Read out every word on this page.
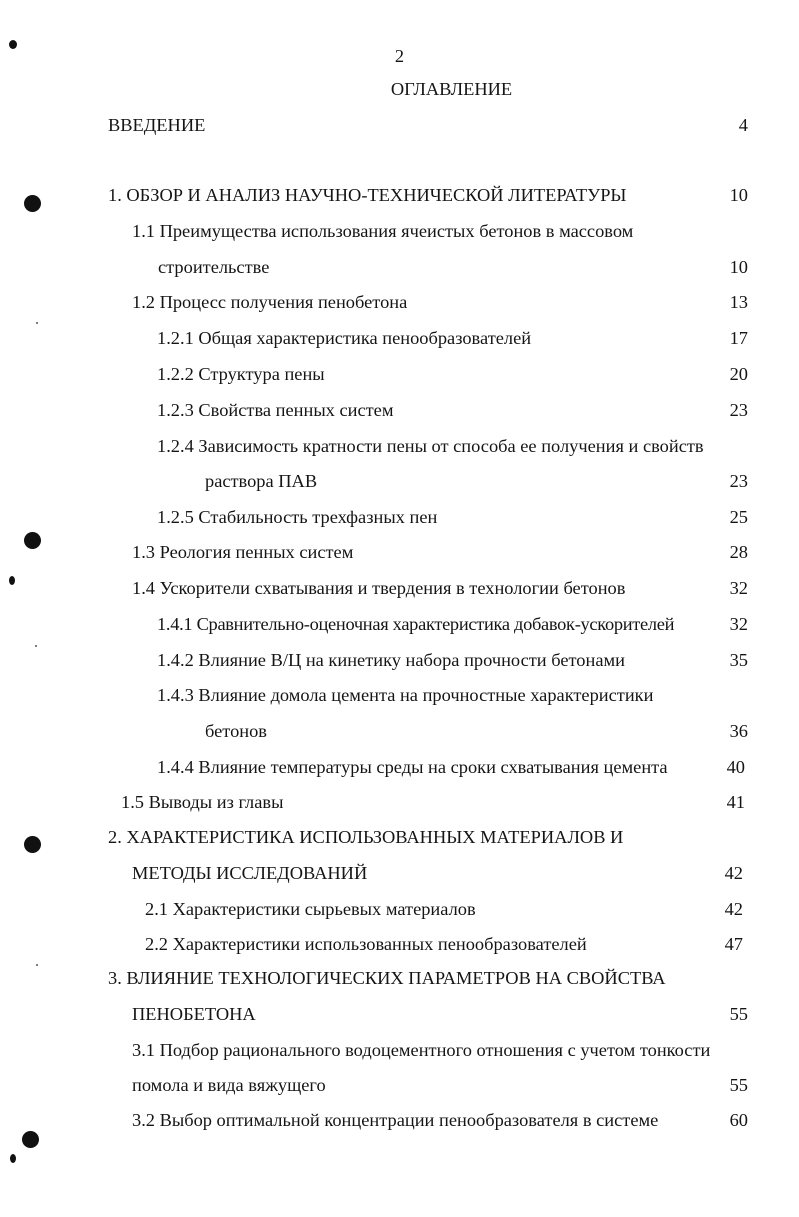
2
ОГЛАВЛЕНИЕ
ВВЕДЕНИЕ	4
1. ОБЗОР И АНАЛИЗ НАУЧНО-ТЕХНИЧЕСКОЙ ЛИТЕРАТУРЫ	10
1.1 Преимущества использования ячеистых бетонов в массовом
строительстве	10
1.2 Процесс получения пенобетона	13
1.2.1 Общая характеристика пенообразователей	17
1.2.2 Структура пены	20
1.2.3 Свойства пенных систем	23
1.2.4 Зависимость кратности пены от способа ее получения и свойств
раствора ПАВ	23
1.2.5 Стабильность трехфазных пен	25
1.3 Реология пенных систем	28
1.4 Ускорители схватывания и твердения в технологии бетонов	32
1.4.1 Сравнительно-оценочная характеристика добавок-ускорителей	32
1.4.2 Влияние В/Ц на кинетику набора прочности бетонами	35
1.4.3 Влияние домола цемента на прочностные характеристики
бетонов	36
1.4.4 Влияние температуры среды на сроки схватывания цемента	40
1.5 Выводы из главы	41
2. ХАРАКТЕРИСТИКА ИСПОЛЬЗОВАННЫХ МАТЕРИАЛОВ И
МЕТОДЫ ИССЛЕДОВАНИЙ	42
2.1 Характеристики сырьевых материалов	42
2.2 Характеристики использованных пенообразователей	47
3. ВЛИЯНИЕ ТЕХНОЛОГИЧЕСКИХ ПАРАМЕТРОВ НА СВОЙСТВА
ПЕНОБЕТОНА	55
3.1 Подбор рационального водоцементного отношения с учетом тонкости
помола и вида вяжущего	55
3.2 Выбор оптимальной концентрации пенообразователя в системе	60
